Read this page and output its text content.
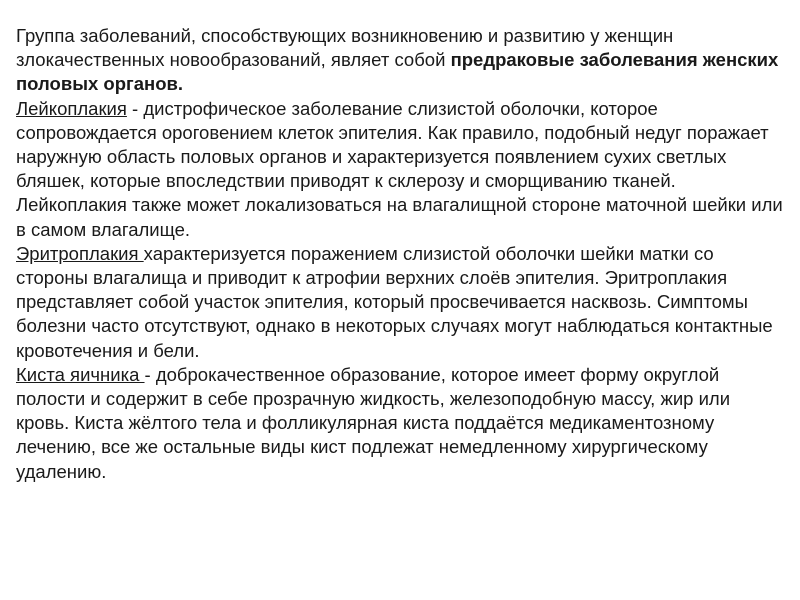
Группа заболеваний, способствующих возникновению и развитию у женщин злокачественных новообразований, являет собой предраковые заболевания женских половых органов.

Лейкоплакия - дистрофическое заболевание слизистой оболочки, которое сопровождается ороговением клеток эпителия. Как правило, подобный недуг поражает наружную область половых органов и характеризуется появлением сухих светлых бляшек, которые впоследствии приводят к склерозу и сморщиванию тканей. Лейкоплакия также может локализоваться на влагалищной стороне маточной шейки или в самом влагалище.

Эритроплакия характеризуется поражением слизистой оболочки шейки матки со стороны влагалища и приводит к атрофии верхних слоёв эпителия. Эритроплакия представляет собой участок эпителия, который просвечивается насквозь. Симптомы болезни часто отсутствуют, однако в некоторых случаях могут наблюдаться контактные кровотечения и бели.

Киста яичника - доброкачественное образование, которое имеет форму округлой полости и содержит в себе прозрачную жидкость, железоподобную массу, жир или кровь. Киста жёлтого тела и фолликулярная киста поддаётся медикаментозному лечению, все же остальные виды кист подлежат немедленному хирургическому удалению.
